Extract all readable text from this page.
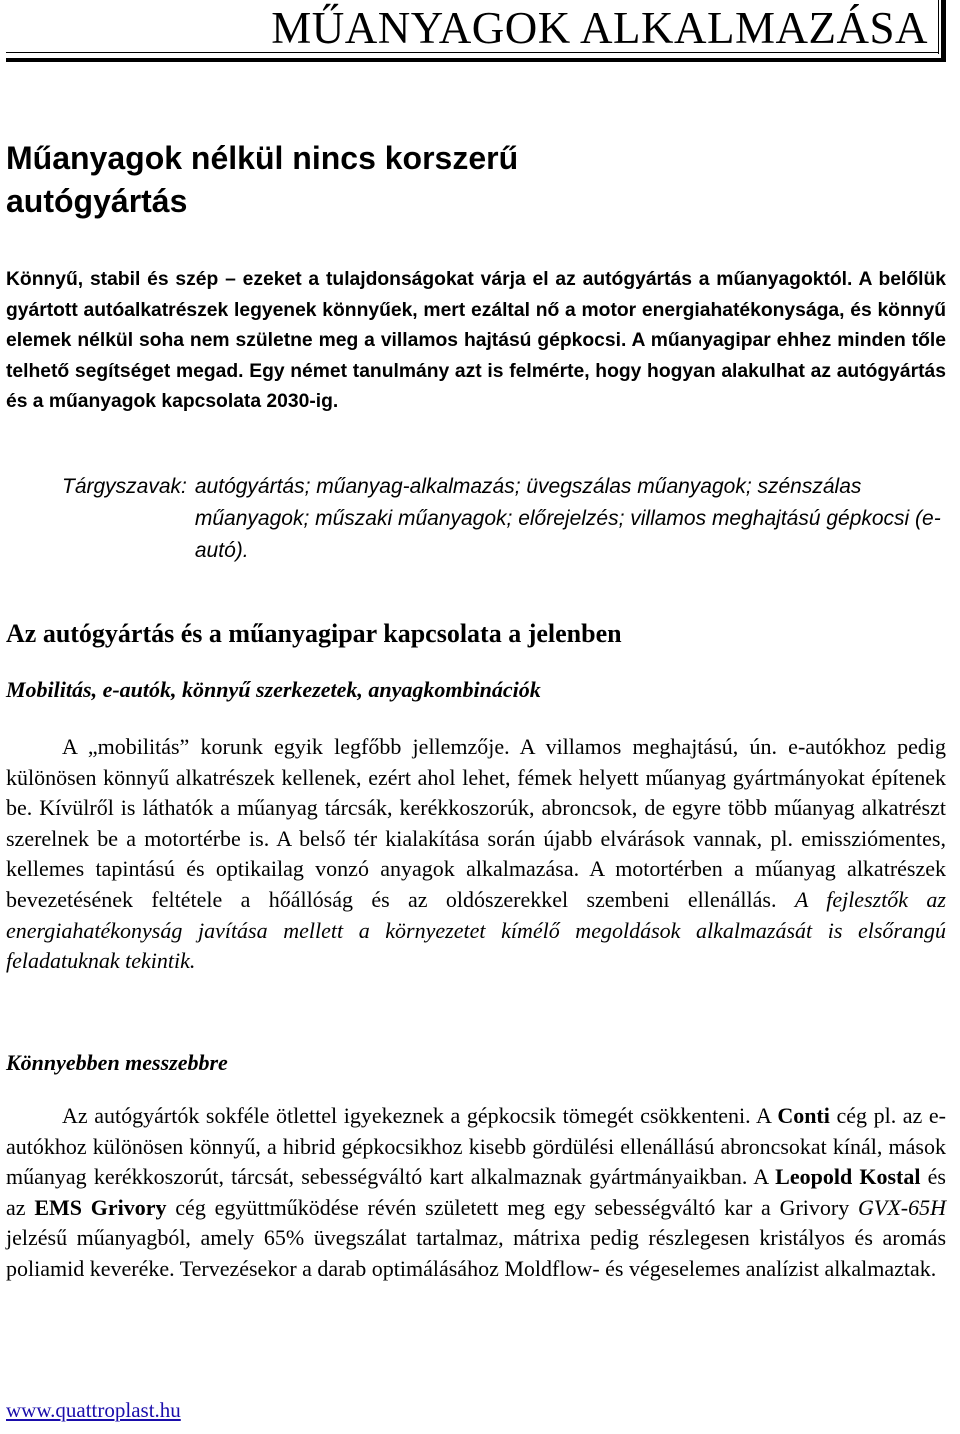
MŰANYAGOK ALKALMAZÁSA
Műanyagok nélkül nincs korszerű autógyártás

Könnyű, stabil és szép – ezeket a tulajdonságokat várja el az autógyártás a műanyagoktól. A belőlük gyártott autóalkatrészek legyenek könnyűek, mert ezáltal nő a motor energiahatékonysága, és könnyű elemek nélkül soha nem születne meg a villamos hajtású gépkocsi. A műanyagipar ehhez minden tőle telhető segítséget megad. Egy német tanulmány azt is felmérte, hogy hogyan alakulhat az autógyártás és a műanyagok kapcsolata 2030-ig.

Tárgyszavak: autógyártás; műanyag-alkalmazás; üvegszálas műanyagok; szénszálas műanyagok; műszaki műanyagok; előrejelzés; villamos meghajtású gépkocsi (e-autó).
Az autógyártás és a műanyagipar kapcsolata a jelenben
Mobilitás, e-autók, könnyű szerkezetek, anyagkombinációk

A „mobilitás” korunk egyik legfőbb jellemzője. A villamos meghajtású, ún. e-autókhoz pedig különösen könnyű alkatrészek kellenek, ezért ahol lehet, fémek helyett műanyag gyártmányokat építenek be. Kívülről is láthatók a műanyag tárcsák, kerékkoszorúk, abroncsok, de egyre több műanyag alkatrészt szerelnek be a motortérbe is. A belső tér kialakítása során újabb elvárások vannak, pl. emissziómentes, kellemes tapintású és optikailag vonzó anyagok alkalmazása. A motortérben a műanyag alkatrészek bevezetésének feltétele a hőállóság és az oldószerekkel szembeni ellenállás. A fejlesztők az energiahatékonyság javítása mellett a környezetet kímélő megoldások alkalmazását is elsőrangú feladatuknak tekintik.

Könnyebben messzebbre

Az autógyártók sokféle ötlettel igyekeznek a gépkocsik tömegét csökkenteni. A Conti cég pl. az e-autókhoz különösen könnyű, a hibrid gépkocsikhoz kisebb gördülési ellenállású abroncsokat kínál, mások műanyag kerékkoszorút, tárcsát, sebességváltó kart alkalmaznak gyártmányaikban. A Leopold Kostal és az EMS Grivory cég együttműködése révén született meg egy sebességváltó kar a Grivory GVX-65H jelzésű műanyagból, amely 65% üvegszálat tartalmaz, mátrixa pedig részlegesen kristályos és aromás poliamid keveréke. Tervezésekor a darab optimálásához Moldflow- és végeselemes analízist alkalmaztak.

www.quattroplast.hu
